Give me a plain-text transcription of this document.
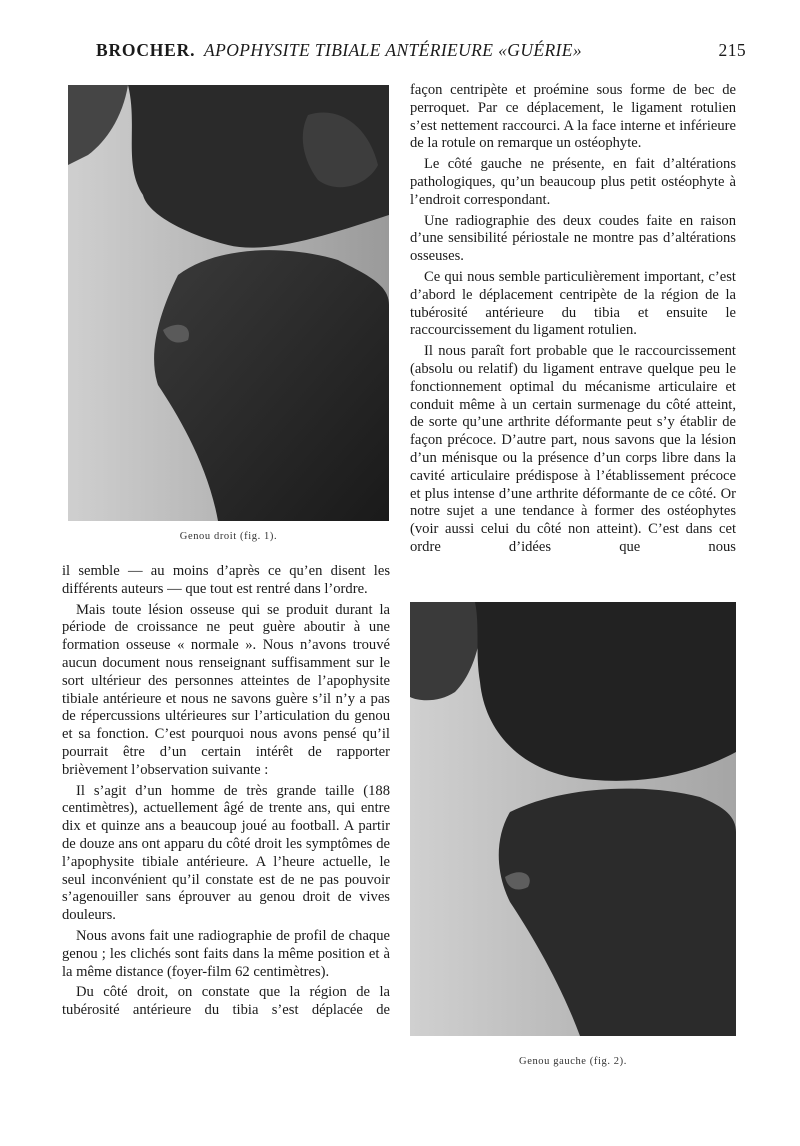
BROCHER. APOPHYSITE TIBIALE ANTÉRIEURE «GUÉRIE»	215
Genou droit (fig. 1).
Genou gauche (fig. 2).

il semble — au moins d’après ce qu’en disent les différents auteurs — que tout est rentré dans l’ordre.

Mais toute lésion osseuse qui se produit durant la période de croissance ne peut guère aboutir à une formation osseuse « normale ». Nous n’avons trouvé aucun document nous renseignant suffisamment sur le sort ultérieur des personnes atteintes de l’apophysite tibiale antérieure et nous ne savons guère s’il n’y a pas de répercussions ultérieures sur l’articulation du genou et sa fonction. C’est pourquoi nous avons pensé qu’il pourrait être d’un certain intérêt de rapporter brièvement l’observation suivante :

Il s’agit d’un homme de très grande taille (188 centimètres), actuellement âgé de trente ans, qui entre dix et quinze ans a beaucoup joué au football. A partir de douze ans ont apparu du côté droit les symptômes de l’apophysite tibiale antérieure. A l’heure actuelle, le seul inconvénient qu’il constate est de ne pas pouvoir s’agenouiller sans éprouver au genou droit de vives douleurs.

Nous avons fait une radiographie de profil de chaque genou ; les clichés sont faits dans la même position et à la même distance (foyer-film 62 centimètres).

Du côté droit, on constate que la région de la tubérosité antérieure du tibia s’est déplacée de

façon centripète et proémine sous forme de bec de perroquet. Par ce déplacement, le ligament rotulien s’est nettement raccourci. A la face interne et inférieure de la rotule on remarque un ostéophyte.

Le côté gauche ne présente, en fait d’altérations pathologiques, qu’un beaucoup plus petit ostéophyte à l’endroit correspondant.

Une radiographie des deux coudes faite en raison d’une sensibilité périostale ne montre pas d’altérations osseuses.

Ce qui nous semble particulièrement important, c’est d’abord le déplacement centripète de la région de la tubérosité antérieure du tibia et ensuite le raccourcissement du ligament rotulien.

Il nous paraît fort probable que le raccourcissement (absolu ou relatif) du ligament entrave quelque peu le fonctionnement optimal du mécanisme articulaire et conduit même à un certain surmenage du côté atteint, de sorte qu’une arthrite déformante peut s’y établir de façon précoce. D’autre part, nous savons que la lésion d’un ménisque ou la présence d’un corps libre dans la cavité articulaire prédispose à l’établissement précoce et plus intense d’une arthrite déformante de ce côté. Or notre sujet a une tendance à former des ostéophytes (voir aussi celui du côté non atteint). C’est dans cet ordre d’idées que nous
